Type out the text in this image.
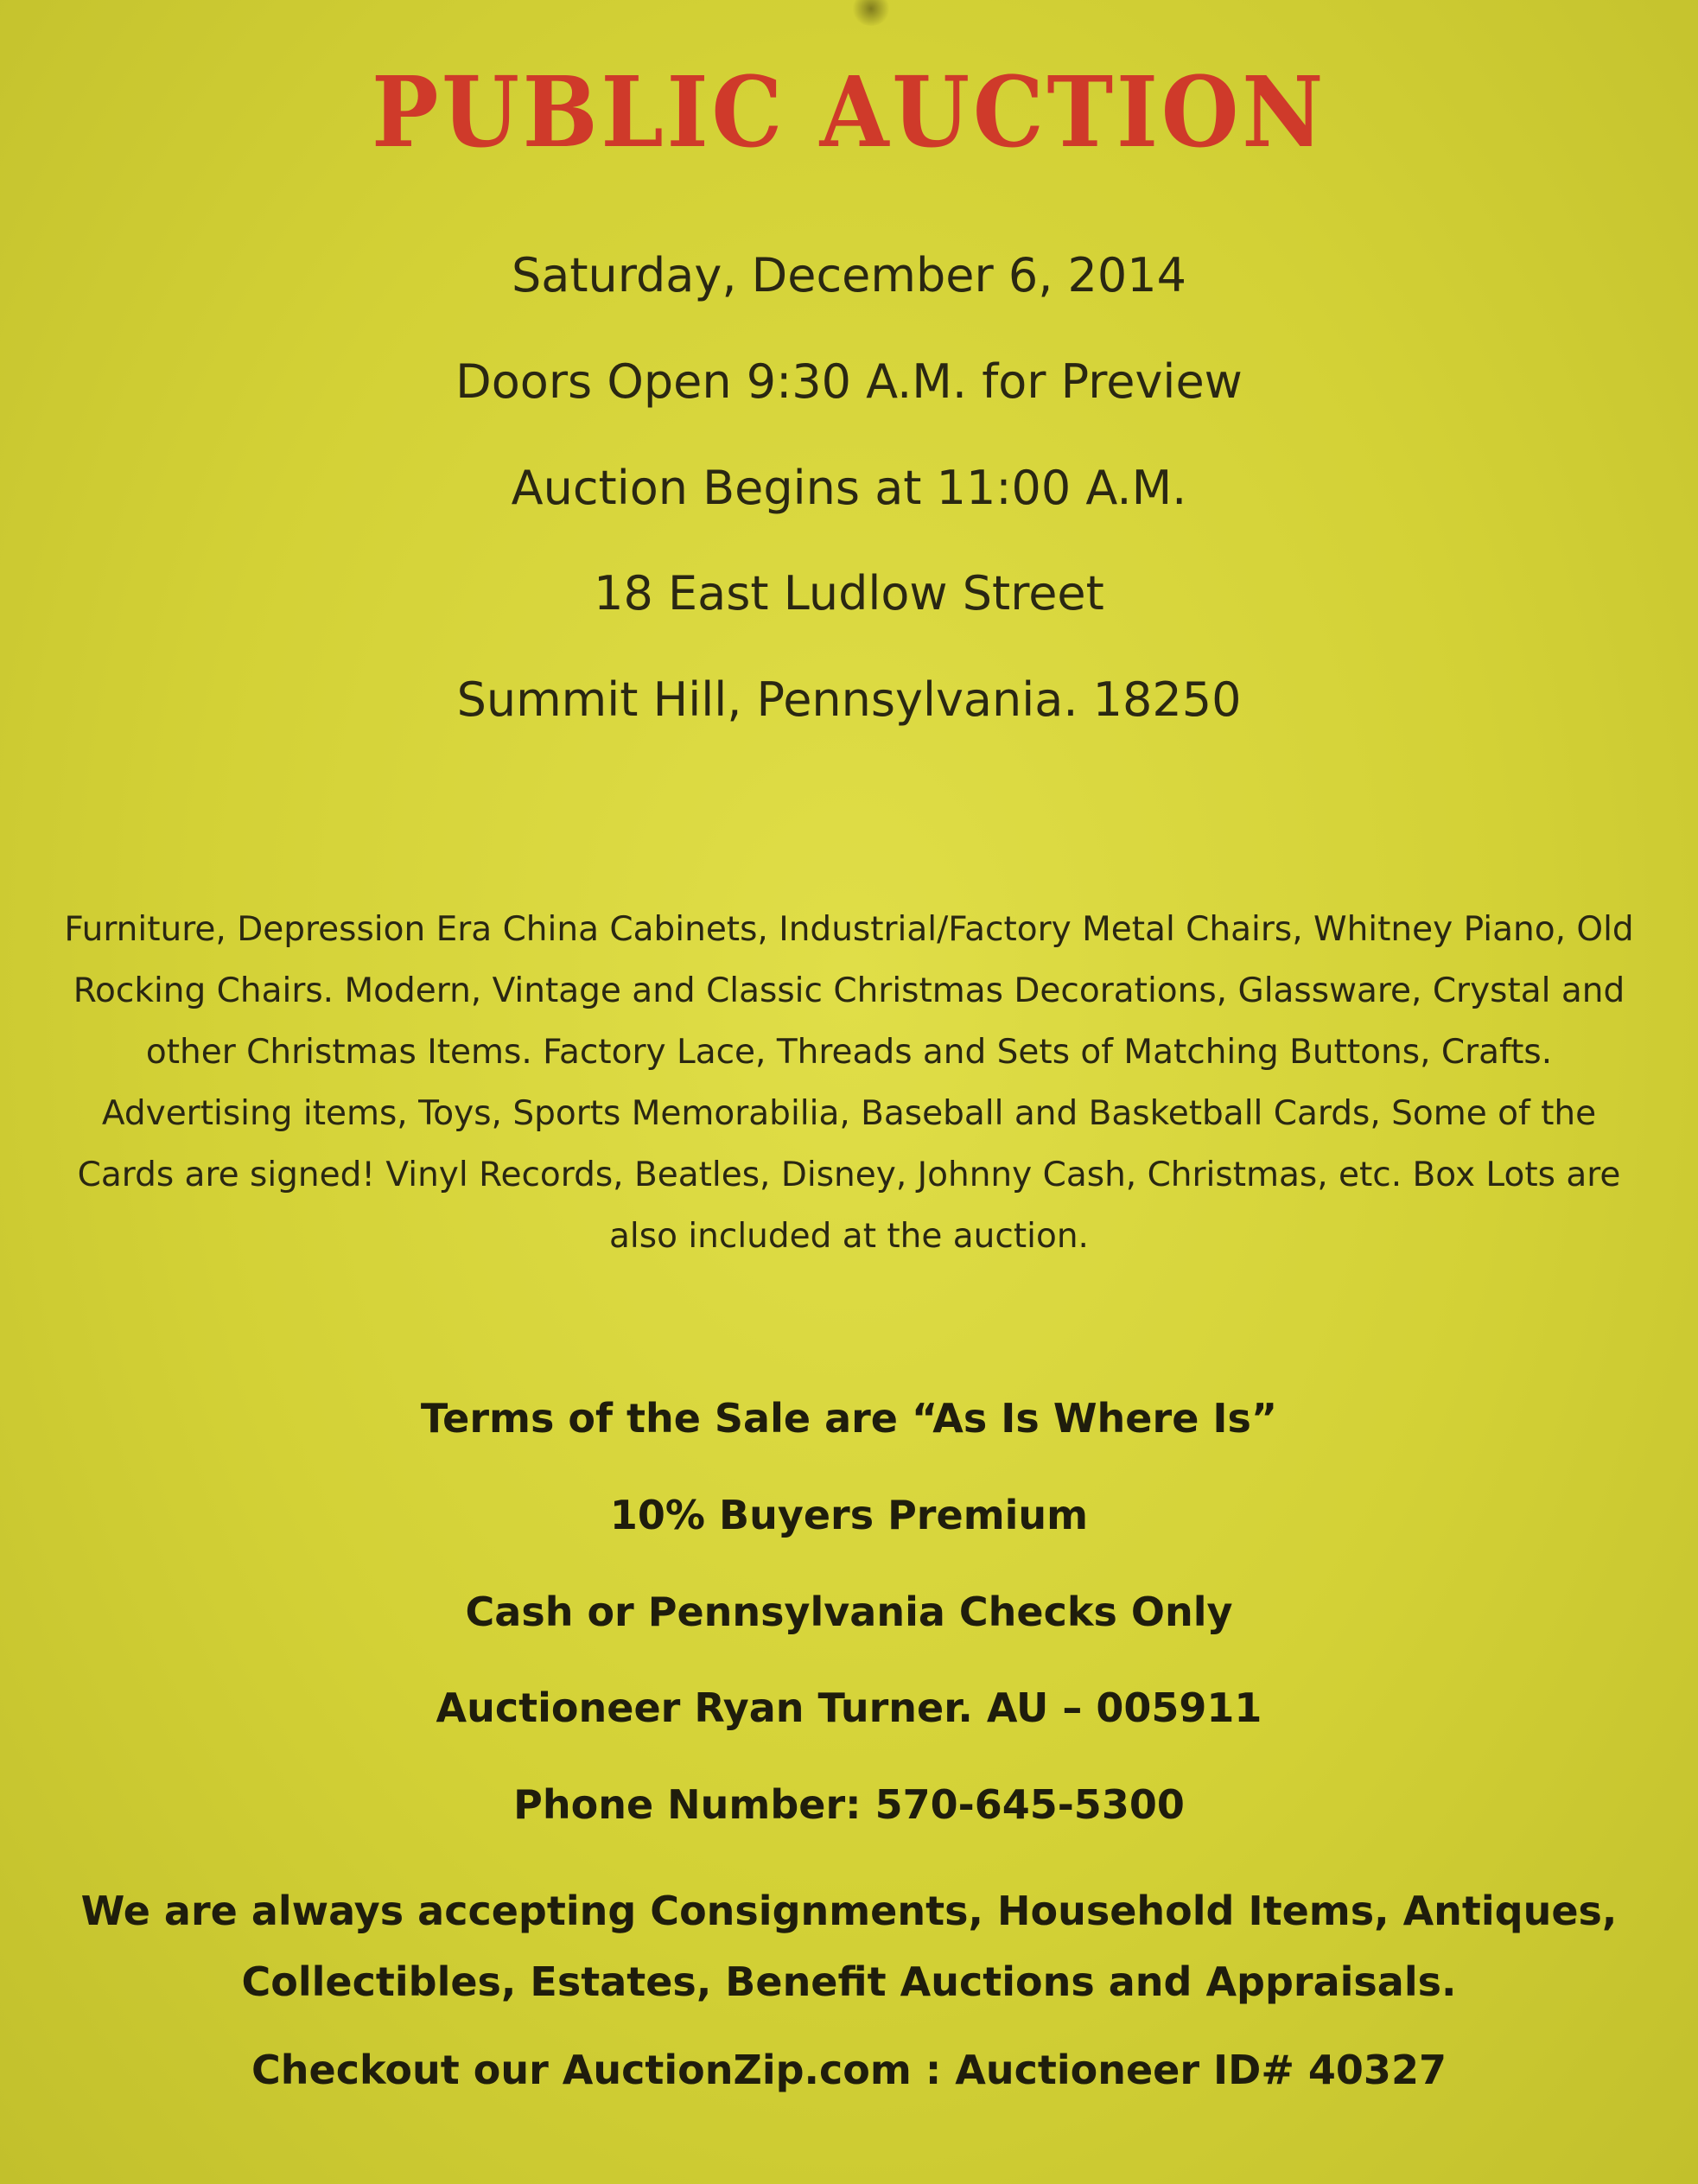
PUBLIC AUCTION
Saturday, December 6, 2014
Doors Open 9:30 A.M. for Preview
Auction Begins at 11:00 A.M.
18 East Ludlow Street
Summit Hill, Pennsylvania. 18250
Furniture, Depression Era China Cabinets, Industrial/Factory Metal Chairs, Whitney Piano, Old Rocking Chairs. Modern, Vintage and Classic Christmas Decorations, Glassware, Crystal and other Christmas Items. Factory Lace, Threads and Sets of Matching Buttons, Crafts. Advertising items, Toys, Sports Memorabilia, Baseball and Basketball Cards, Some of the Cards are signed! Vinyl Records, Beatles, Disney, Johnny Cash, Christmas, etc. Box Lots are also included at the auction.
Terms of the Sale are “As Is Where Is”
10% Buyers Premium
Cash or Pennsylvania Checks Only
Auctioneer Ryan Turner. AU – 005911
Phone Number: 570-645-5300
We are always accepting Consignments, Household Items, Antiques, Collectibles, Estates, Benefit Auctions and Appraisals.
Checkout our AuctionZip.com : Auctioneer ID# 40327
